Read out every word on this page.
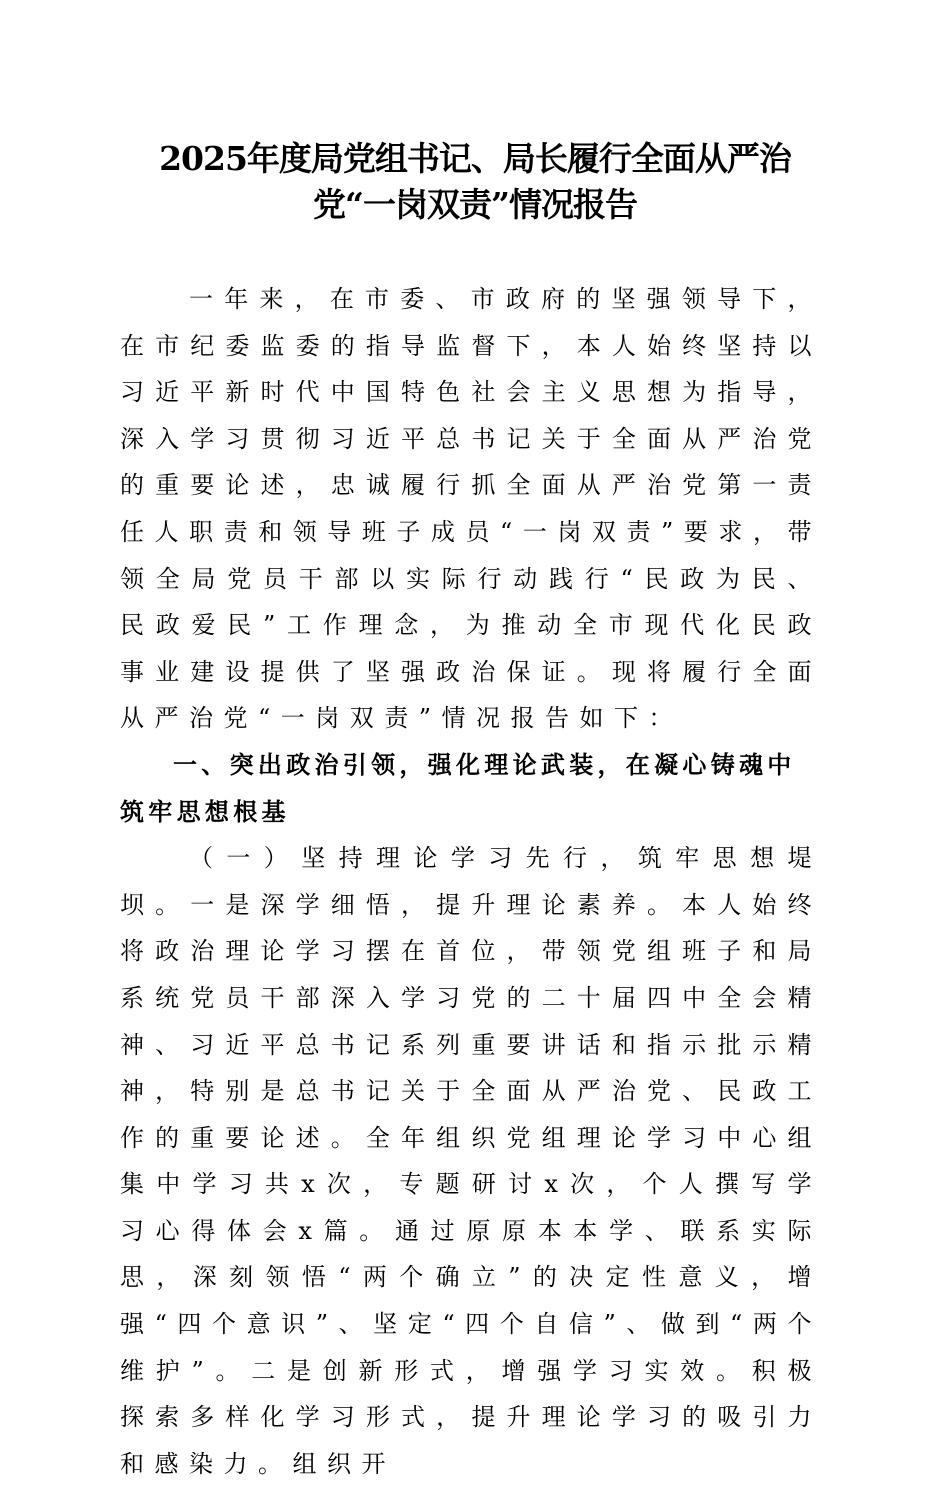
2025年度局党组书记、局长履行全面从严治
党“一岗双责”情况报告

一年来，在市委、市政府的坚强领导下，在市纪委监委的指导监督下，本人始终坚持以习近平新时代中国特色社会主义思想为指导，深入学习贯彻习近平总书记关于全面从严治党的重要论述，忠诚履行抓全面从严治党第一责任人职责和领导班子成员“一岗双责”要求，带领全局党员干部以实际行动践行“民政为民、民政爱民”工作理念，为推动全市现代化民政事业建设提供了坚强政治保证。现将履行全面从严治党“一岗双责”情况报告如下：

一、突出政治引领，强化理论武装，在凝心铸魂中筑牢思想根基

（一）坚持理论学习先行，筑牢思想堤坝。一是深学细悟，提升理论素养。本人始终将政治理论学习摆在首位，带领党组班子和局系统党员干部深入学习党的二十届四中全会精神、习近平总书记系列重要讲话和指示批示精神，特别是总书记关于全面从严治党、民政工作的重要论述。全年组织党组理论学习中心组集中学习共x次，专题研讨x次，个人撰写学习心得体会x篇。通过原原本本学、联系实际思，深刻领悟“两个确立”的决定性意义，增强“四个意识”、坚定“四个自信”、做到“两个维护”。二是创新形式，增强学习实效。积极探索多样化学习形式，提升理论学习的吸引力和感染力。组织开
